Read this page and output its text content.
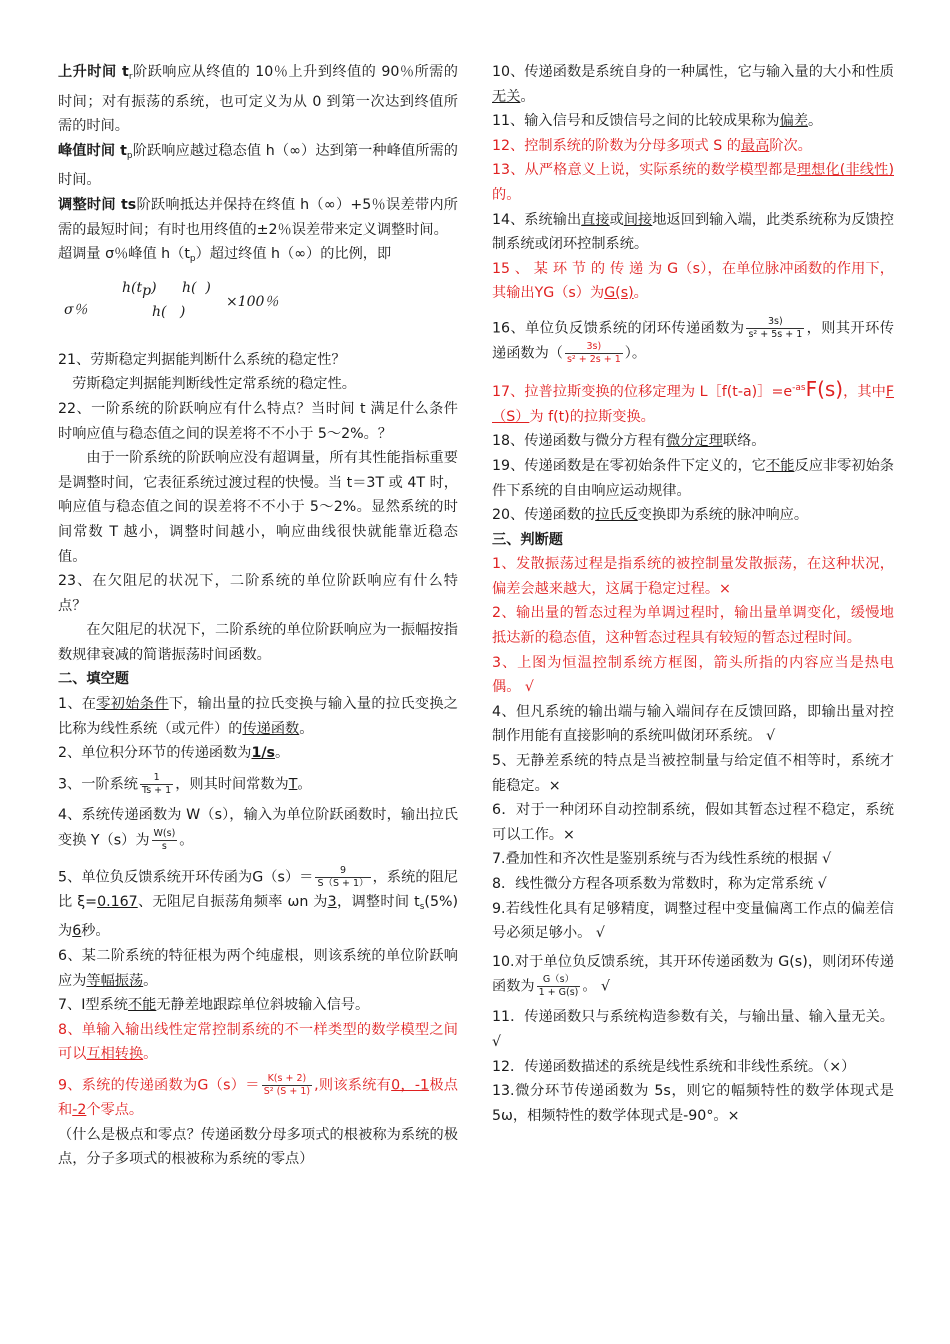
上升时间 $t_r$阶跃响应从终值的 10％上升到终值的 90％所需的时间；对有振荡的系统，也可定义为从 0 到第一次达到终值所需的时间。

峰值时间 $t_p$阶跃响应越过稳态值 h（∞）达到第一种峰值所需的时间。

调整时间 ts阶跃响抵达并保持在终值 h（∞）+5％误差带内所需的最短时间；有时也用终值的±2％误差带来定义调整时间。

超调量 σ％峰值 $h(t_p)$超过终值 h（∞）的比例，即

σ％
h(tp) h( )
h( )
×100％

21、劳斯稳定判据能判断什么系统的稳定性？

劳斯稳定判据能判断线性定常系统的稳定性。

22、一阶系统的阶跃响应有什么特点？当时间 t 满足什么条件时响应值与稳态值之间的误差将不不小于 5～2%。？

由于一阶系统的阶跃响应没有超调量，所有其性能指标重要是调整时间，它表征系统过渡过程的快慢。当 t＝3T 或 4T 时，响应值与稳态值之间的误差将不不小于 5～2%。显然系统的时间常数 T 越小，调整时间越小，响应曲线很快就能靠近稳态值。

23、在欠阻尼的状况下，二阶系统的单位阶跃响应有什么特点？

在欠阻尼的状况下，二阶系统的单位阶跃响应为一振幅按指数规律衰减的简谐振荡时间函数。

二、填空题

1、在零初始条件下，输出量的拉氏变换与输入量的拉氏变换之比称为线性系统（或元件）的传递函数。

2、单位积分环节的传递函数为1/s。

3、一阶系统 $\frac{1}{Ts + 1}$ ，则其时间常数为T。

4、系统传递函数为 W（s），输入为单位阶跃函数时，输出拉氏变换 Y（s）为 $\frac{W(s)}{s}$ 。

5、单位负反馈系统开环传函为$G(s)= \frac{9}{S(S + 1)}$ ，系统的阻尼比 ξ=0.167、无阻尼自振荡角频率 ωn 为3，调整时间 $t_s(5\%)$为6秒。

6、某二阶系统的特征根为两个纯虚根，则该系统的单位阶跃响应为等幅振荡。

7、Ⅰ型系统不能无静差地跟踪单位斜坡输入信号。

8、单输入输出线性定常控制系统的不一样类型的数学模型之间可以互相转换。

9、系统的传递函数为$G(s)= \frac{K(s + 2)}{\text{S² (S + 1)}}$ ,则该系统有0，-1极点和-2个零点。

（什么是极点和零点？传递函数分母多项式的根被称为系统的极点，分子多项式的根被称为系统的零点）

10、传递函数是系统自身的一种属性，它与输入量的大小和性质无关。

11、输入信号和反馈信号之间的比较成果称为偏差。

12、控制系统的阶数为分母多项式 S 的最高阶次。

13、从严格意义上说，实际系统的数学模型都是理想化(非线性)的。

14、系统输出直接或间接地返回到输入端，此类系统称为反馈控制系统或闭环控制系统。

15 、 某 环 节 的 传 递 为 G（s），在单位脉冲函数的作用下，其输出YG（s）为G(s)。

16、单位负反馈系统的闭环传递函数为 $\frac{3s)}{\text{s² + 5s + 1}}$ ，则其开环传递函数为（ $\frac{3s)}{\text{s² + 2s + 1}}$ ）。

17、拉普拉斯变换的位移定理为 $L[f(t-a)]=e^{-as}F(s)$，其中F（S）为 f(t)的拉斯变换。

18、传递函数与微分方程有微分定理联络。

19、传递函数是在零初始条件下定义的，它不能反应非零初始条件下系统的自由响应运动规律。

20、传递函数的拉氏反变换即为系统的脉冲响应。

三、判断题

1、发散振荡过程是指系统的被控制量发散振荡，在这种状况，偏差会越来越大，这属于稳定过程。×

2、输出量的暂态过程为单调过程时，输出量单调变化，缓慢地抵达新的稳态值，这种暂态过程具有较短的暂态过程时间。

3、上图为恒温控制系统方框图，箭头所指的内容应当是热电偶。 √

4、但凡系统的输出端与输入端间存在反馈回路，即输出量对控制作用能有直接影响的系统叫做闭环系统。 √

5、无静差系统的特点是当被控制量与给定值不相等时，系统才能稳定。×

6．对于一种闭环自动控制系统，假如其暂态过程不稳定，系统可以工作。×

7.叠加性和齐次性是鉴别系统与否为线性系统的根据 √

8．线性微分方程各项系数为常数时，称为定常系统 √

9.若线性化具有足够精度，调整过程中变量偏离工作点的偏差信号必须足够小。 √

10.对于单位负反馈系统，其开环传递函数为 G(s)，则闭环传递函数为 $\frac{G(s)}{1 + G(s)}$ 。 √

11．传递函数只与系统构造参数有关，与输出量、输入量无关。 √

12．传递函数描述的系统是线性系统和非线性系统。（×）

13.微分环节传递函数为 5s，则它的幅频特性的数学体现式是 5ω，相频特性的数学体现式是-90°。×
